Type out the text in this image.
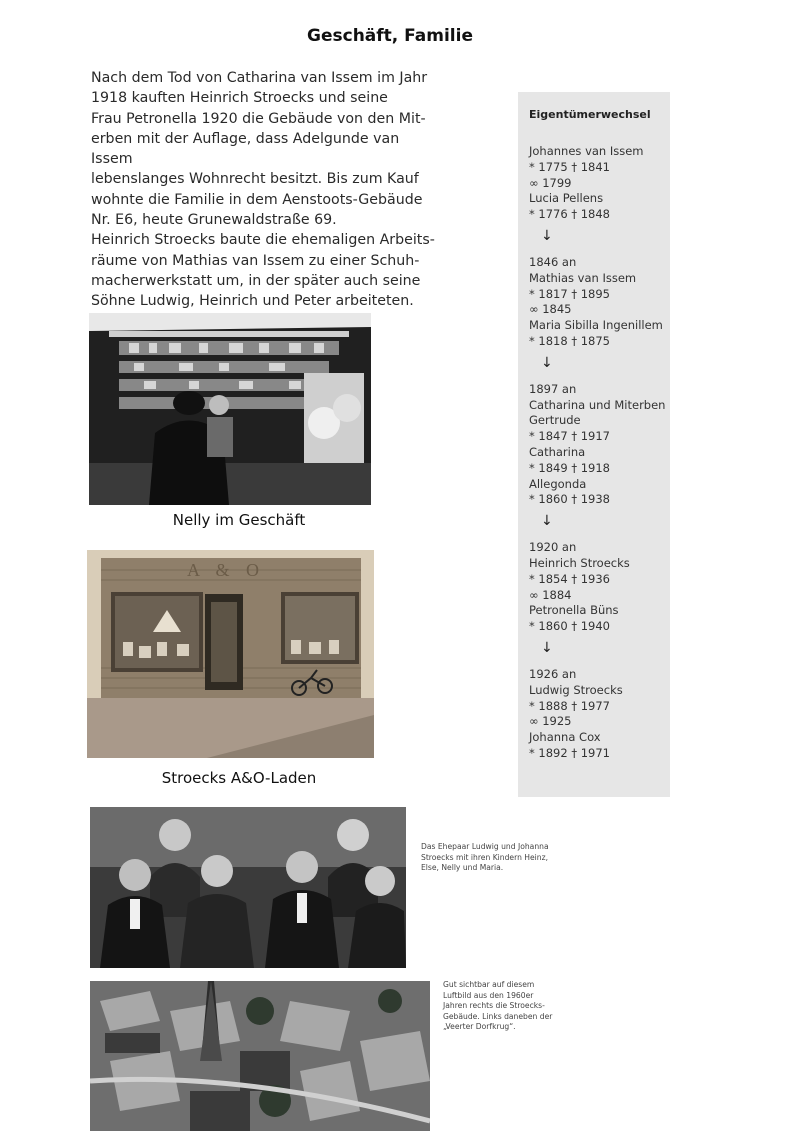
Geschäft, Familie

Nach dem Tod von Catharina van Issem im Jahr

1918 kauften Heinrich Stroecks und seine

Frau Petronella 1920 die Gebäude von den Mit-

erben mit der Auflage, dass Adelgunde van Issem

lebenslanges Wohnrecht besitzt. Bis zum Kauf

wohnte die Familie in dem Aenstoots-Gebäude

Nr. E6, heute Grunewaldstraße 69.

Heinrich Stroecks baute die ehemaligen Arbeits-

räume von Mathias van Issem zu einer Schuh-

macherwerkstatt um, in der später auch seine

Söhne Ludwig, Heinrich und Peter arbeiteten.

Nelly im Geschäft
A & O
Stroecks A&O-Laden
Das Ehepaar Ludwig und Johanna
Stroecks mit ihren Kindern Heinz,
Else, Nelly und Maria.
Gut sichtbar auf diesem
Luftbild aus den 1960er
Jahren rechts die Stroecks-
Gebäude. Links daneben der
„Veerter Dorfkrug“.
Eigentümerwechsel
Johannes van Issem
* 1775 † 1841
∞ 1799
Lucia Pellens
* 1776 † 1848
↓
1846 an
Mathias van Issem
* 1817 † 1895
∞ 1845
Maria Sibilla Ingenillem
* 1818 † 1875
↓
1897 an
Catharina und Miterben
Gertrude
* 1847 † 1917
Catharina
* 1849 † 1918
Allegonda
* 1860 † 1938
↓
1920 an
Heinrich Stroecks
* 1854 † 1936
∞ 1884
Petronella Büns
* 1860 † 1940
↓
1926 an
Ludwig Stroecks
* 1888 † 1977
∞ 1925
Johanna Cox
* 1892 † 1971
